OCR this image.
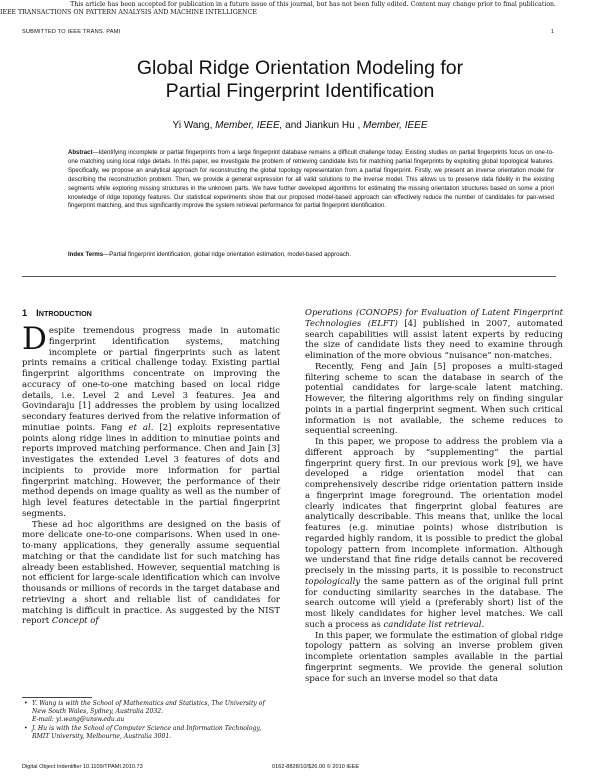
This article has been accepted for publication in a future issue of this journal, but has not been fully edited. Content may change prior to final publication.
IEEE TRANSACTIONS ON PATTERN ANALYSIS AND MACHINE INTELLIGENCE
SUBMITTED TO IEEE TRANS. PAMI	1
Global Ridge Orientation Modeling for
Partial Fingerprint Identification
Yi Wang, Member, IEEE, and Jiankun Hu , Member, IEEE
Abstract—Identifying incomplete or partial fingerprints from a large fingerprint database remains a difficult challenge today. Existing studies on partial fingerprints focus on one-to-one matching using local ridge details. In this paper, we investigate the problem of retrieving candidate lists for matching partial fingerprints by exploiting global topological features. Specifically, we propose an analytical approach for reconstructing the global topology representation from a partial fingerprint. Firstly, we present an inverse orientation model for describing the reconstruction problem. Then, we provide a general expression for all valid solutions to the inverse model. This allows us to preserve data fidelity in the existing segments while exploring missing structures in the unknown parts. We have further developed algorithms for estimating the missing orientation structures based on some a priori knowledge of ridge topology features. Our statistical experiments show that our proposed model-based approach can effectively reduce the number of candidates for pair-wised fingerprint matching, and thus significantly improve the system retrieval performance for partial fingerprint identification.
Index Terms—Partial fingerprint identification, global ridge orientation estimation, model-based approach.
1 INTRODUCTION

Despite tremendous progress made in automatic fingerprint identification systems, matching incomplete or partial fingerprints such as latent prints remains a critical challenge today. Existing partial fingerprint algorithms concentrate on improving the accuracy of one-to-one matching based on local ridge details, i.e. Level 2 and Level 3 features. Jea and Govindaraju [1] addresses the problem by using localized secondary features derived from the relative information of minutiae points. Fang et al. [2] exploits representative points along ridge lines in addition to minutiae points and reports improved matching performance. Chen and Jain [3] investigates the extended Level 3 features of dots and incipients to provide more information for partial fingerprint matching. However, the performance of their method depends on image quality as well as the number of high level features detectable in the partial fingerprint segments.

These ad hoc algorithms are designed on the basis of more delicate one-to-one comparisons. When used in one-to-many applications, they generally assume sequential matching or that the candidate list for such matching has already been established. However, sequential matching is not efficient for large-scale identification which can involve thousands or millions of records in the target database and retrieving a short and reliable list of candidates for matching is difficult in practice. As suggested by the NIST report Concept of

Operations (CONOPS) for Evaluation of Latent Fingerprint Technologies (ELFT) [4] published in 2007, automated search capabilities will assist latent experts by reducing the size of candidate lists they need to examine through elimination of the more obvious “nuisance” non-matches.

Recently, Feng and Jain [5] proposes a multi-staged filtering scheme to scan the database in search of the potential candidates for large-scale latent matching. However, the filtering algorithms rely on finding singular points in a partial fingerprint segment. When such critical information is not available, the scheme reduces to sequential screening.

In this paper, we propose to address the problem via a different approach by “supplementing” the partial fingerprint query first. In our previous work [9], we have developed a ridge orientation model that can comprehensively describe ridge orientation pattern inside a fingerprint image foreground. The orientation model clearly indicates that fingerprint global features are analytically describable. This means that, unlike the local features (e.g. minutiae points) whose distribution is regarded highly random, it is possible to predict the global topology pattern from incomplete information. Although we understand that fine ridge details cannot be recovered precisely in the missing parts, it is possible to reconstruct topologically the same pattern as of the original full print for conducting similarity searches in the database. The search outcome will yield a (preferably short) list of the most likely candidates for higher level matches. We call such a process as candidate list retrieval.

In this paper, we formulate the estimation of global ridge topology pattern as solving an inverse problem given incomplete orientation samples available in the partial fingerprint segments. We provide the general solution space for such an inverse model so that data

• Y. Wang is with the School of Mathematics and Statistics, The University of New South Wales, Sydney, Australia 2032.
E-mail: yi.wang@unsw.edu.au
• J. Hu is with the School of Computer Science and Information Technology, RMIT University, Melbourne, Australia 3001.
Digital Object Indentifier 10.1109/TPAMI.2010.73	0162-8828/10/$26.00 © 2010 IEEE
